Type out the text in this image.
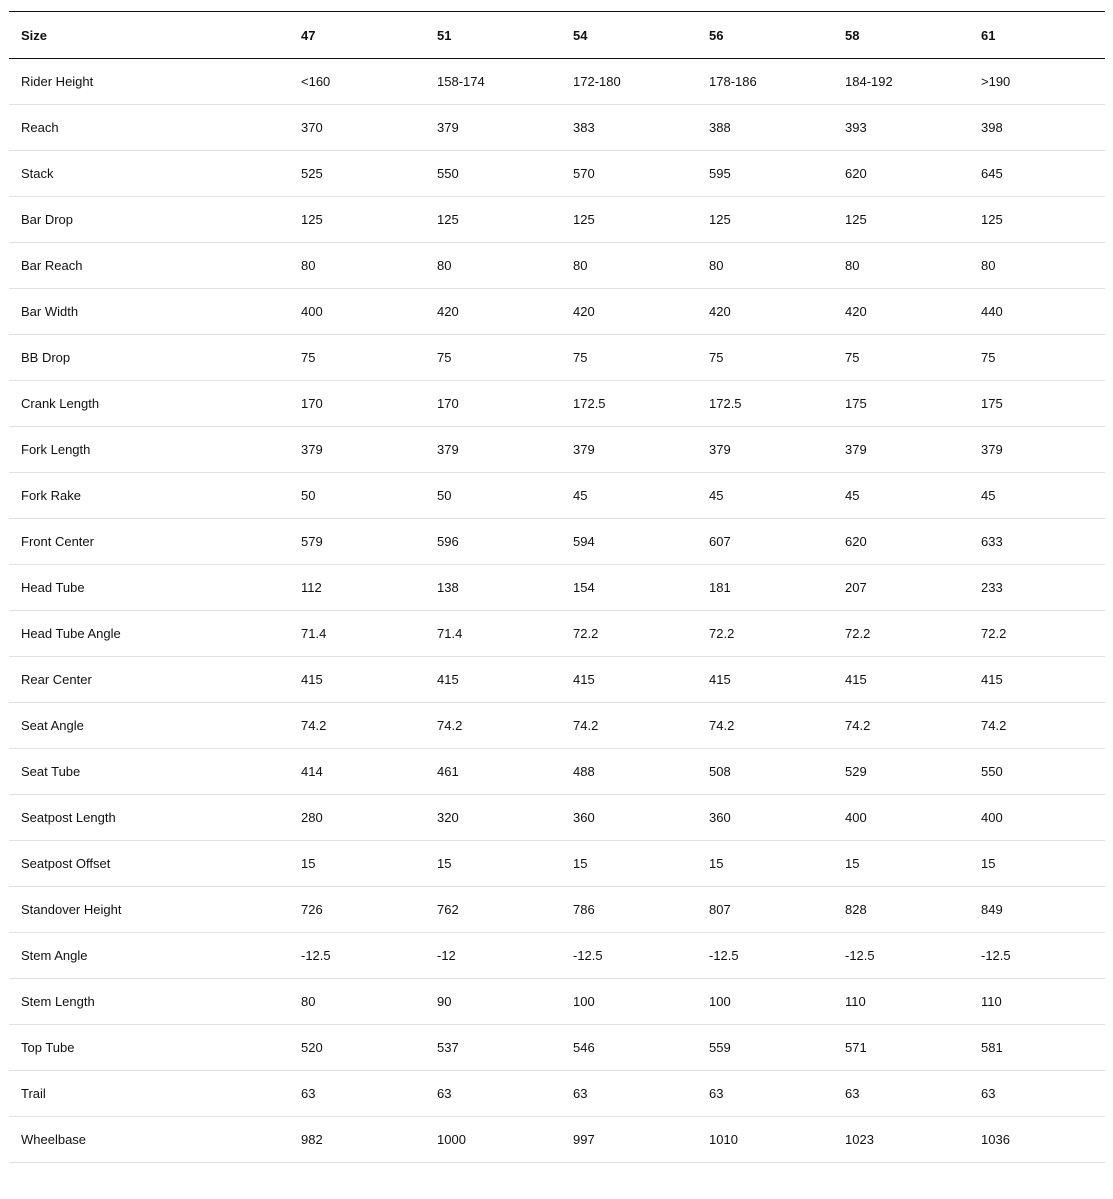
Size	47	51	54	56	58	61
Rider Height	<160	158-174	172-180	178-186	184-192	>190
Reach	370	379	383	388	393	398
Stack	525	550	570	595	620	645
Bar Drop	125	125	125	125	125	125
Bar Reach	80	80	80	80	80	80
Bar Width	400	420	420	420	420	440
BB Drop	75	75	75	75	75	75
Crank Length	170	170	172.5	172.5	175	175
Fork Length	379	379	379	379	379	379
Fork Rake	50	50	45	45	45	45
Front Center	579	596	594	607	620	633
Head Tube	112	138	154	181	207	233
Head Tube Angle	71.4	71.4	72.2	72.2	72.2	72.2
Rear Center	415	415	415	415	415	415
Seat Angle	74.2	74.2	74.2	74.2	74.2	74.2
Seat Tube	414	461	488	508	529	550
Seatpost Length	280	320	360	360	400	400
Seatpost Offset	15	15	15	15	15	15
Standover Height	726	762	786	807	828	849
Stem Angle	-12.5	-12	-12.5	-12.5	-12.5	-12.5
Stem Length	80	90	100	100	110	110
Top Tube	520	537	546	559	571	581
Trail	63	63	63	63	63	63
Wheelbase	982	1000	997	1010	1023	1036
